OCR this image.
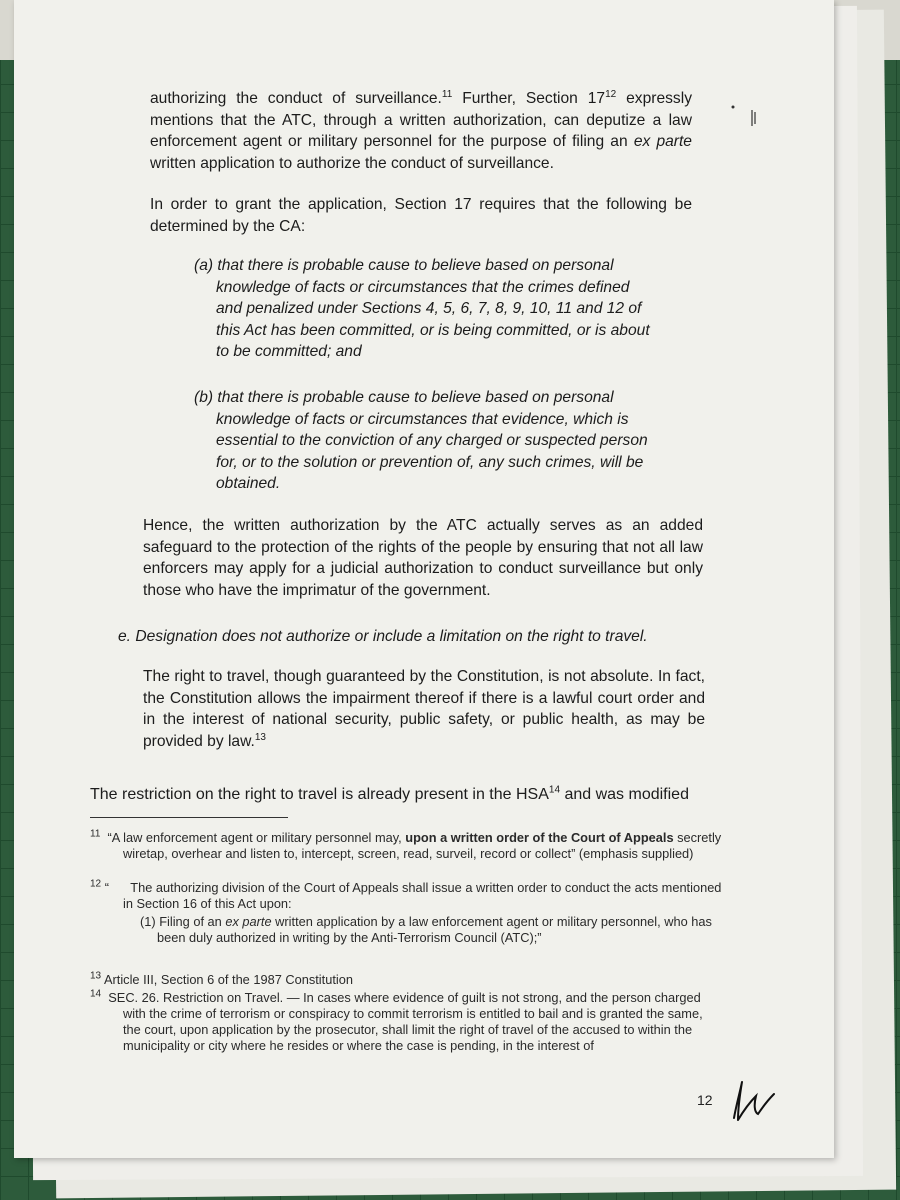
authorizing the conduct of surveillance.$^{11}$ Further, Section $17^{12}$ expressly mentions that the ATC, through a written authorization, can deputize a law enforcement agent or military personnel for the purpose of filing an ex parte written application to authorize the conduct of surveillance.
In order to grant the application, Section 17 requires that the following be determined by the CA:
(a) that there is probable cause to believe based on personal knowledge of facts or circumstances that the crimes defined and penalized under Sections 4, 5, 6, 7, 8, 9, 10, 11 and 12 of this Act has been committed, or is being committed, or is about to be committed; and
(b) that there is probable cause to believe based on personal knowledge of facts or circumstances that evidence, which is essential to the conviction of any charged or suspected person for, or to the solution or prevention of, any such crimes, will be obtained.
Hence, the written authorization by the ATC actually serves as an added safeguard to the protection of the rights of the people by ensuring that not all law enforcers may apply for a judicial authorization to conduct surveillance but only those who have the imprimatur of the government.
e. Designation does not authorize or include a limitation on the right to travel.
The right to travel, though guaranteed by the Constitution, is not absolute. In fact, the Constitution allows the impairment thereof if there is a lawful court order and in the interest of national security, public safety, or public health, as may be provided by law.$^{13}$
The restriction on the right to travel is already present in the HSA$^{14}$ and was modified
$^{11}$ “A law enforcement agent or military personnel may, upon a written order of the Court of Appeals secretly wiretap, overhear and listen to, intercept, screen, read, surveil, record or collect” (emphasis supplied)
$^{12}$ “ The authorizing division of the Court of Appeals shall issue a written order to conduct the acts mentioned in Section 16 of this Act upon:
(1) Filing of an ex parte written application by a law enforcement agent or military personnel, who has been duly authorized in writing by the Anti-Terrorism Council (ATC);”
$^{13}$ Article III, Section 6 of the 1987 Constitution
$^{14}$ SEC. 26. Restriction on Travel. — In cases where evidence of guilt is not strong, and the person charged with the crime of terrorism or conspiracy to commit terrorism is entitled to bail and is granted the same, the court, upon application by the prosecutor, shall limit the right of travel of the accused to within the municipality or city where he resides or where the case is pending, in the interest of
12
